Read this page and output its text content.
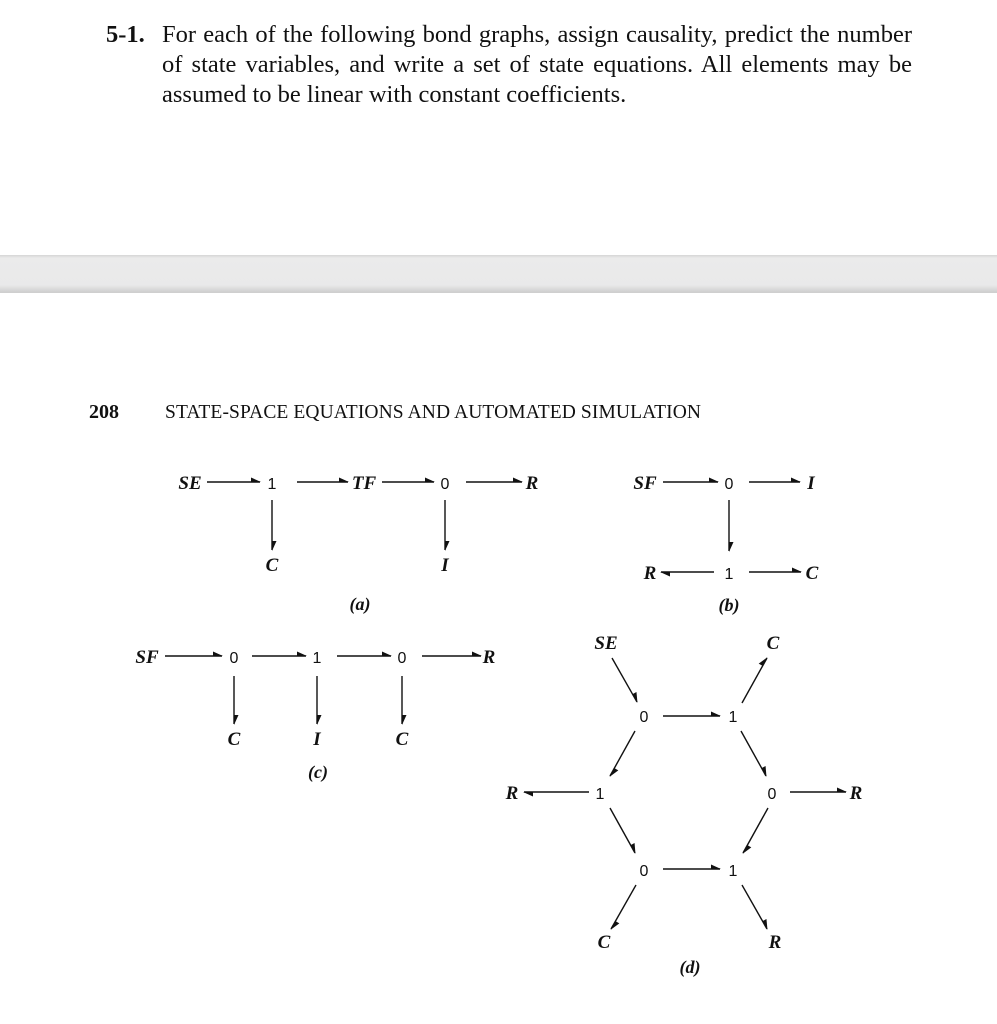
5-1. For each of the following bond graphs, assign causality, predict the number of state variables, and write a set of state equations. All elements may be assumed to be linear with constant coefficients.
208 STATE-SPACE EQUATIONS AND AUTOMATED SIMULATION
SE	1	TF	0	R
C	I
(a)
SF	0	I
R	1	C
(b)
SF	0	1	0	R
C	I	C
(c)
SE	C
0	1
R	1	0	R
0	1
C	R
(d)
